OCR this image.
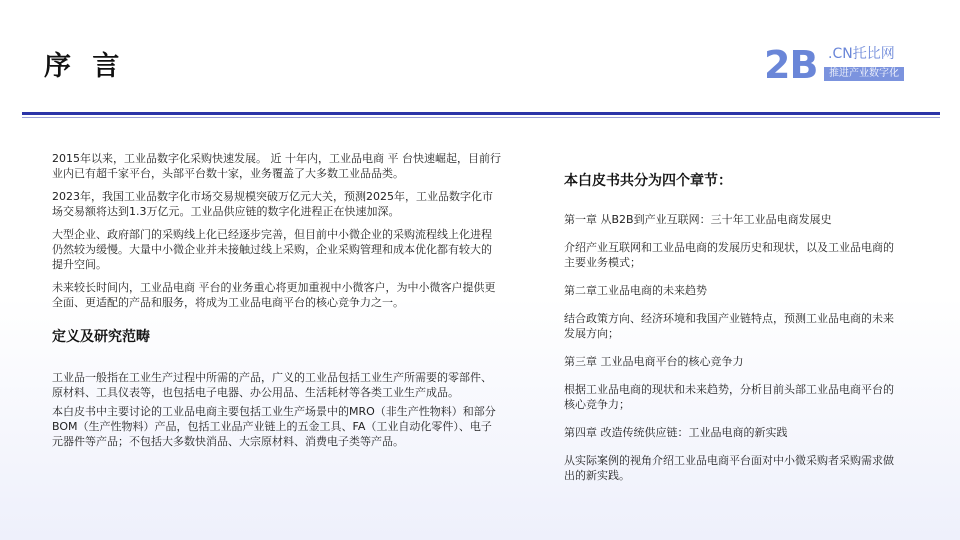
序 言	2B .CN托比网
推进产业数字化

2015年以来，工业品数字化采购快速发展。 近 十年内，工业品电商 平 台快速崛起，目前行业内已有超千家平台，头部平台数十家，业务覆盖了大多数工业品品类。

2023年，我国工业品数字化市场交易规模突破万亿元大关，预测2025年，工业品数字化市场交易额将达到1.3万亿元。工业品供应链的数字化进程正在快速加深。

大型企业、政府部门的采购线上化已经逐步完善，但目前中小微企业的采购流程线上化进程仍然较为缓慢。大量中小微企业并未接触过线上采购，企业采购管理和成本优化都有较大的提升空间。

未来较长时间内，工业品电商 平台的业务重心将更加重视中小微客户，为中小微客户提供更全面、更适配的产品和服务，将成为工业品电商平台的核心竞争力之一。

定义及研究范畴

工业品一般指在工业生产过程中所需的产品，广义的工业品包括工业生产所需要的零部件、原材料、工具仪表等，也包括电子电器、办公用品、生活耗材等各类工业生产成品。

本白皮书中主要讨论的工业品电商主要包括工业生产场景中的MRO（非生产性物料）和部分BOM（生产性物料）产品，包括工业品产业链上的五金工具、FA（工业自动化零件）、电子元器件等产品；不包括大多数快消品、大宗原材料、消费电子类等产品。

本白皮书共分为四个章节：
第一章 从B2B到产业互联网：三十年工业品电商发展史
介绍产业互联网和工业品电商的发展历史和现状，以及工业品电商的主要业务模式；
第二章工业品电商的未来趋势
结合政策方向、经济环境和我国产业链特点，预测工业品电商的未来发展方向；
第三章 工业品电商平台的核心竞争力
根据工业品电商的现状和未来趋势，分析目前头部工业品电商平台的核心竞争力；
第四章 改造传统供应链：工业品电商的新实践
从实际案例的视角介绍工业品电商平台面对中小微采购者采购需求做出的新实践。
